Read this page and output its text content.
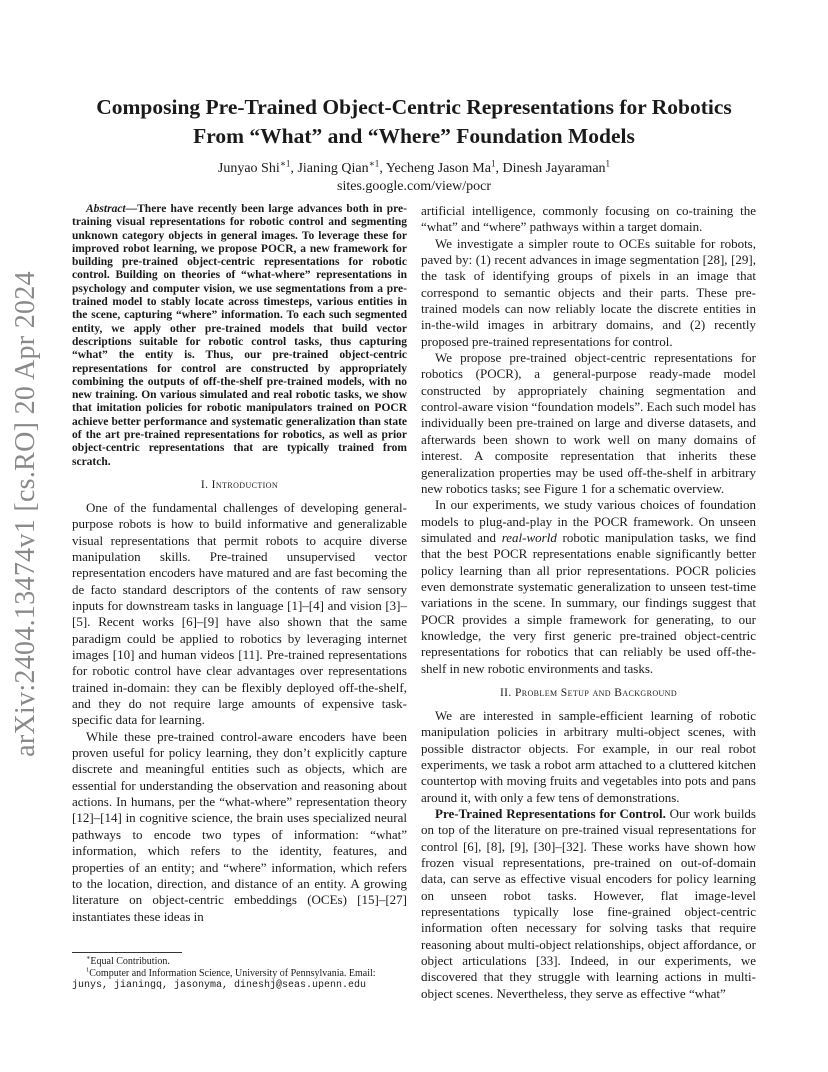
arXiv:2404.13474v1 [cs.RO] 20 Apr 2024
Composing Pre-Trained Object-Centric Representations for Robotics
From “What” and “Where” Foundation Models
Junyao Shi$^{∗1}$, Jianing Qian$^{∗1}$, Yecheng Jason Ma$^1$, Dinesh Jayaraman$^1$
sites.google.com/view/pocr

Abstract—There have recently been large advances both in pre-training visual representations for robotic control and segmenting unknown category objects in general images. To leverage these for improved robot learning, we propose POCR, a new framework for building pre-trained object-centric representations for robotic control. Building on theories of “what-where” representations in psychology and computer vision, we use segmentations from a pre-trained model to stably locate across timesteps, various entities in the scene, capturing “where” information. To each such segmented entity, we apply other pre-trained models that build vector descriptions suitable for robotic control tasks, thus capturing “what” the entity is. Thus, our pre-trained object-centric representations for control are constructed by appropriately combining the outputs of off-the-shelf pre-trained models, with no new training. On various simulated and real robotic tasks, we show that imitation policies for robotic manipulators trained on POCR achieve better performance and systematic generalization than state of the art pre-trained representations for robotics, as well as prior object-centric representations that are typically trained from scratch.

I. Introduction

One of the fundamental challenges of developing general-purpose robots is how to build informative and generalizable visual representations that permit robots to acquire diverse manipulation skills. Pre-trained unsupervised vector representation encoders have matured and are fast becoming the de facto standard descriptors of the contents of raw sensory inputs for downstream tasks in language [1]–[4] and vision [3]–[5]. Recent works [6]–[9] have also shown that the same paradigm could be applied to robotics by leveraging internet images [10] and human videos [11]. Pre-trained representations for robotic control have clear advantages over representations trained in-domain: they can be flexibly deployed off-the-shelf, and they do not require large amounts of expensive task-specific data for learning.

While these pre-trained control-aware encoders have been proven useful for policy learning, they don’t explicitly capture discrete and meaningful entities such as objects, which are essential for understanding the observation and reasoning about actions. In humans, per the “what-where” representation theory [12]–[14] in cognitive science, the brain uses specialized neural pathways to encode two types of information: “what” information, which refers to the identity, features, and properties of an entity; and “where” information, which refers to the location, direction, and distance of an entity. A growing literature on object-centric embeddings (OCEs) [15]–[27] instantiates these ideas in

∗Equal Contribution.
$^1$Computer and Information Science, University of Pennsylvania. Email:
junys, jianingq, jasonyma, dineshj@seas.upenn.edu

artificial intelligence, commonly focusing on co-training the “what” and “where” pathways within a target domain.

We investigate a simpler route to OCEs suitable for robots, paved by: (1) recent advances in image segmentation [28], [29], the task of identifying groups of pixels in an image that correspond to semantic objects and their parts. These pre-trained models can now reliably locate the discrete entities in in-the-wild images in arbitrary domains, and (2) recently proposed pre-trained representations for control.

We propose pre-trained object-centric representations for robotics (POCR), a general-purpose ready-made model constructed by appropriately chaining segmentation and control-aware vision “foundation models”. Each such model has individually been pre-trained on large and diverse datasets, and afterwards been shown to work well on many domains of interest. A composite representation that inherits these generalization properties may be used off-the-shelf in arbitrary new robotics tasks; see Figure 1 for a schematic overview.

In our experiments, we study various choices of foundation models to plug-and-play in the POCR framework. On unseen simulated and real-world robotic manipulation tasks, we find that the best POCR representations enable significantly better policy learning than all prior representations. POCR policies even demonstrate systematic generalization to unseen test-time variations in the scene. In summary, our findings suggest that POCR provides a simple framework for generating, to our knowledge, the very first generic pre-trained object-centric representations for robotics that can reliably be used off-the-shelf in new robotic environments and tasks.

II. Problem Setup and Background

We are interested in sample-efficient learning of robotic manipulation policies in arbitrary multi-object scenes, with possible distractor objects. For example, in our real robot experiments, we task a robot arm attached to a cluttered kitchen countertop with moving fruits and vegetables into pots and pans around it, with only a few tens of demonstrations.

Pre-Trained Representations for Control. Our work builds on top of the literature on pre-trained visual representations for control [6], [8], [9], [30]–[32]. These works have shown how frozen visual representations, pre-trained on out-of-domain data, can serve as effective visual encoders for policy learning on unseen robot tasks. However, flat image-level representations typically lose fine-grained object-centric information often necessary for solving tasks that require reasoning about multi-object relationships, object affordance, or object articulations [33]. Indeed, in our experiments, we discovered that they struggle with learning actions in multi-object scenes. Nevertheless, they serve as effective “what”
